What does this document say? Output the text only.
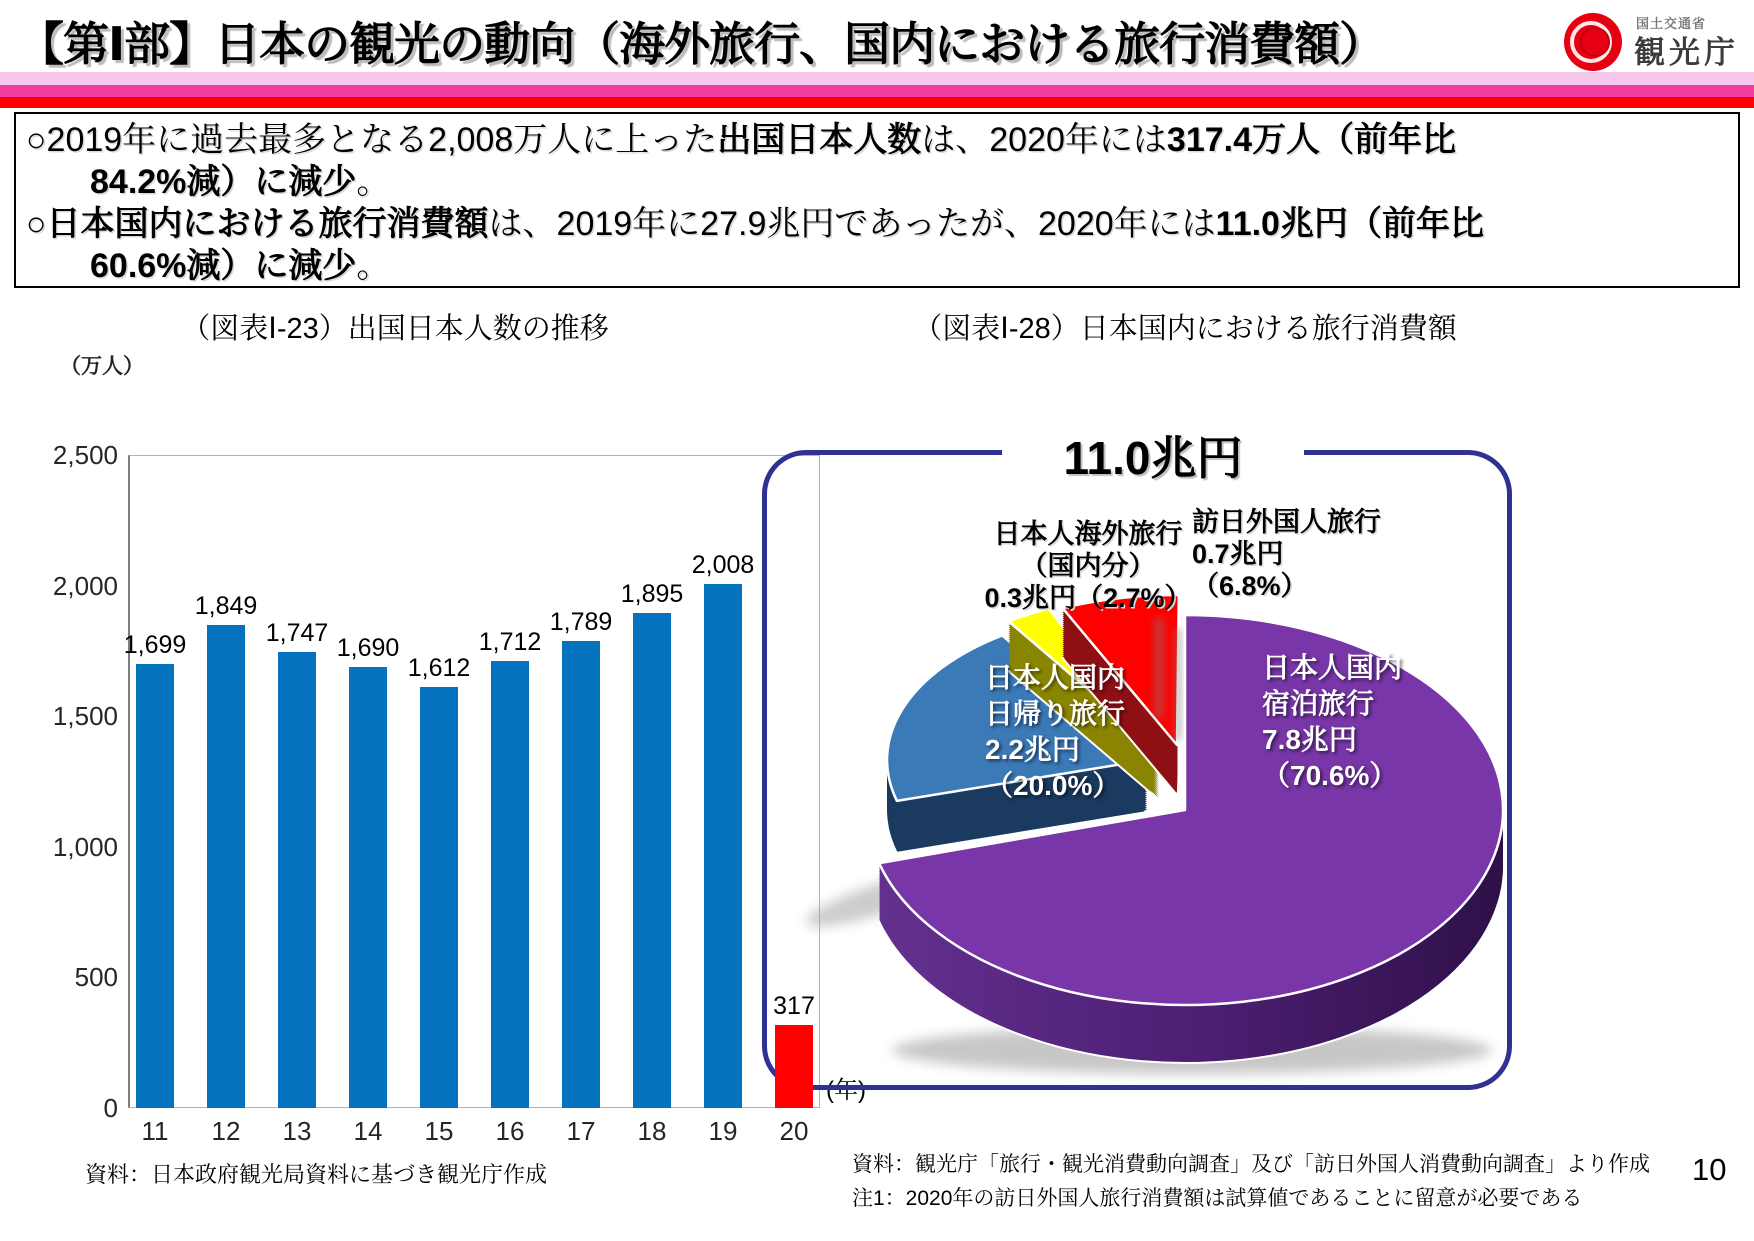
【第Ⅰ部】日本の観光の動向（海外旅行、国内における旅行消費額）	国土交通省
観光庁
○2019年に過去最多となる2,008万人に上った出国日本人数は、2020年には317.4万人（前年比
84.2%減）に減少。
○日本国内における旅行消費額は、2019年に27.9兆円であったが、2020年には11.0兆円（前年比
60.6%減）に減少。
（図表Ⅰ-23）出国日本人数の推移	（図表Ⅰ-28）日本国内における旅行消費額
（万人）
(年)
資料：日本政府観光局資料に基づき観光庁作成
11.0兆円
資料：観光庁「旅行・観光消費動向調査」及び「訪日外国人消費動向調査」より作成
注1：2020年の訪日外国人旅行消費額は試算値であることに留意が必要である
10
0
500
1,000
1,500
2,000
2,500
1,699
11
1,849
12
1,747
13
1,690
14
1,612
15
1,712
16
1,789
17
1,895
18
2,008
19
317
20
日本人国内
宿泊旅行
7.8兆円
（70.6%）
日本人国内
日帰り旅行
2.2兆円
（20.0%）
日本人海外旅行
（国内分）
0.3兆円（2.7%）
訪日外国人旅行
0.7兆円
（6.8%）
